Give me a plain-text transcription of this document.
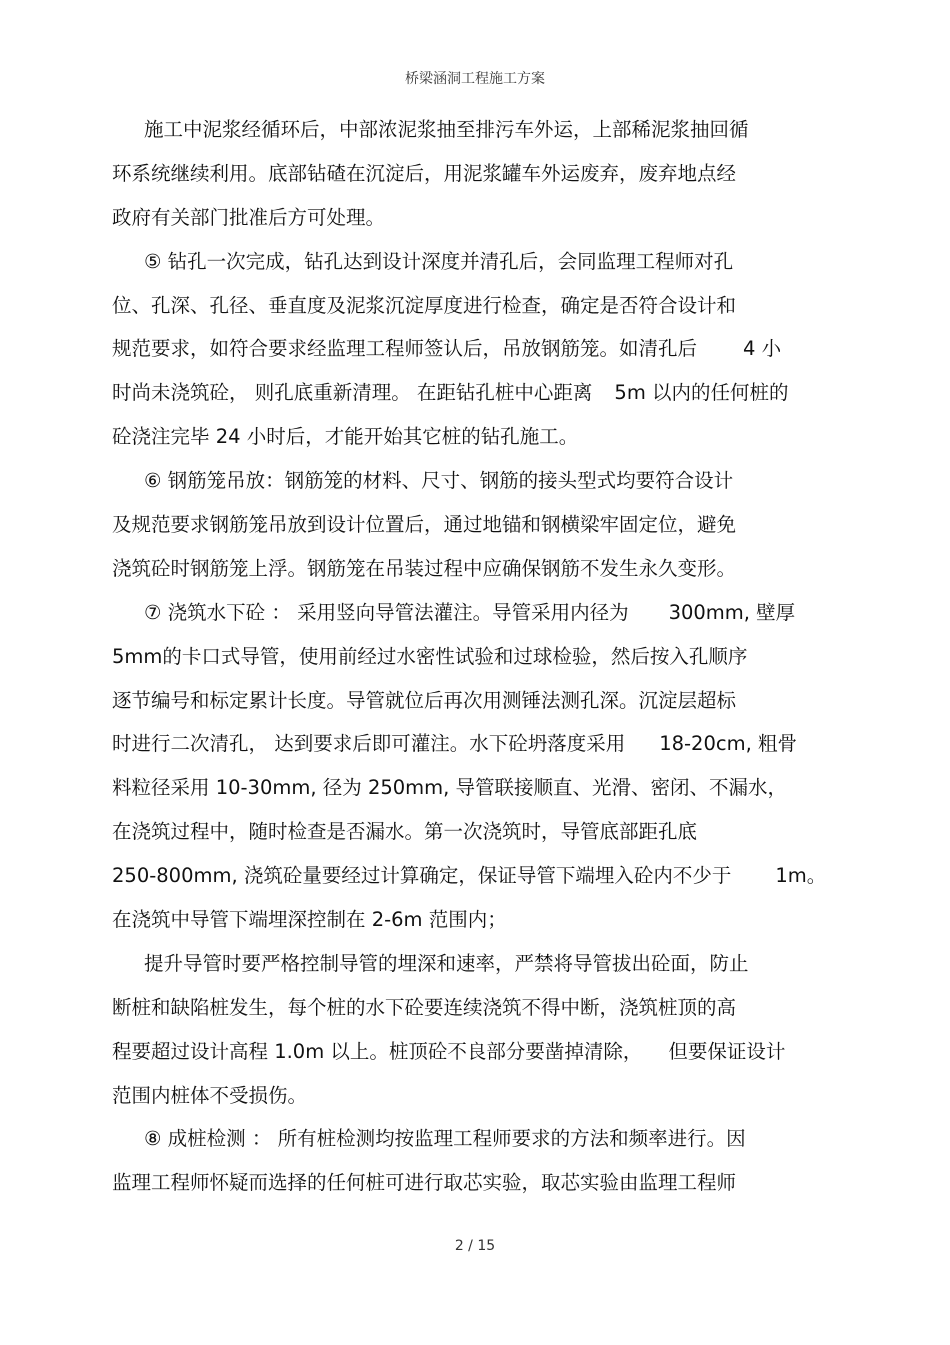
桥梁涵洞工程施工方案
施工中泥浆经循环后，中部浓泥浆抽至排污车外运，上部稀泥浆抽回循
环系统继续利用。底部钻碴在沉淀后，用泥浆罐车外运废弃，废弃地点经
政府有关部门批准后方可处理。
⑤ 钻孔一次完成，钻孔达到设计深度并清孔后，会同监理工程师对孔
位、孔深、孔径、垂直度及泥浆沉淀厚度进行检查，确定是否符合设计和
规范要求，如符合要求经监理工程师签认后，吊放钢筋笼。如清孔后 4 小
时尚未浇筑砼， 则孔底重新清理。 在距钻孔桩中心距离 5m 以内的任何桩的
砼浇注完毕 24 小时后，才能开始其它桩的钻孔施工。
⑥ 钢筋笼吊放：钢筋笼的材料、尺寸、钢筋的接头型式均要符合设计
及规范要求钢筋笼吊放到设计位置后，通过地锚和钢横梁牢固定位，避免
浇筑砼时钢筋笼上浮。钢筋笼在吊装过程中应确保钢筋不发生永久变形。
⑦ 浇筑水下砼 ： 采用竖向导管法灌注。导管采用内径为 300mm, 壁厚
5mm的卡口式导管，使用前经过水密性试验和过球检验，然后按入孔顺序
逐节编号和标定累计长度。导管就位后再次用测锤法测孔深。沉淀层超标
时进行二次清孔， 达到要求后即可灌注。水下砼坍落度采用 18-20cm, 粗骨
料粒径采用 10-30mm, 径为 250mm, 导管联接顺直、光滑、密闭、不漏水，
在浇筑过程中，随时检查是否漏水。第一次浇筑时，导管底部距孔底
250-800mm, 浇筑砼量要经过计算确定，保证导管下端埋入砼内不少于 1m。
在浇筑中导管下端埋深控制在 2-6m 范围内；
提升导管时要严格控制导管的埋深和速率，严禁将导管拔出砼面，防止
断桩和缺陷桩发生，每个桩的水下砼要连续浇筑不得中断，浇筑桩顶的高
程要超过设计高程 1.0m 以上。桩顶砼不良部分要凿掉清除， 但要保证设计
范围内桩体不受损伤。
⑧ 成桩检测 ： 所有桩检测均按监理工程师要求的方法和频率进行。因
监理工程师怀疑而选择的任何桩可进行取芯实验，取芯实验由监理工程师
2 / 15
